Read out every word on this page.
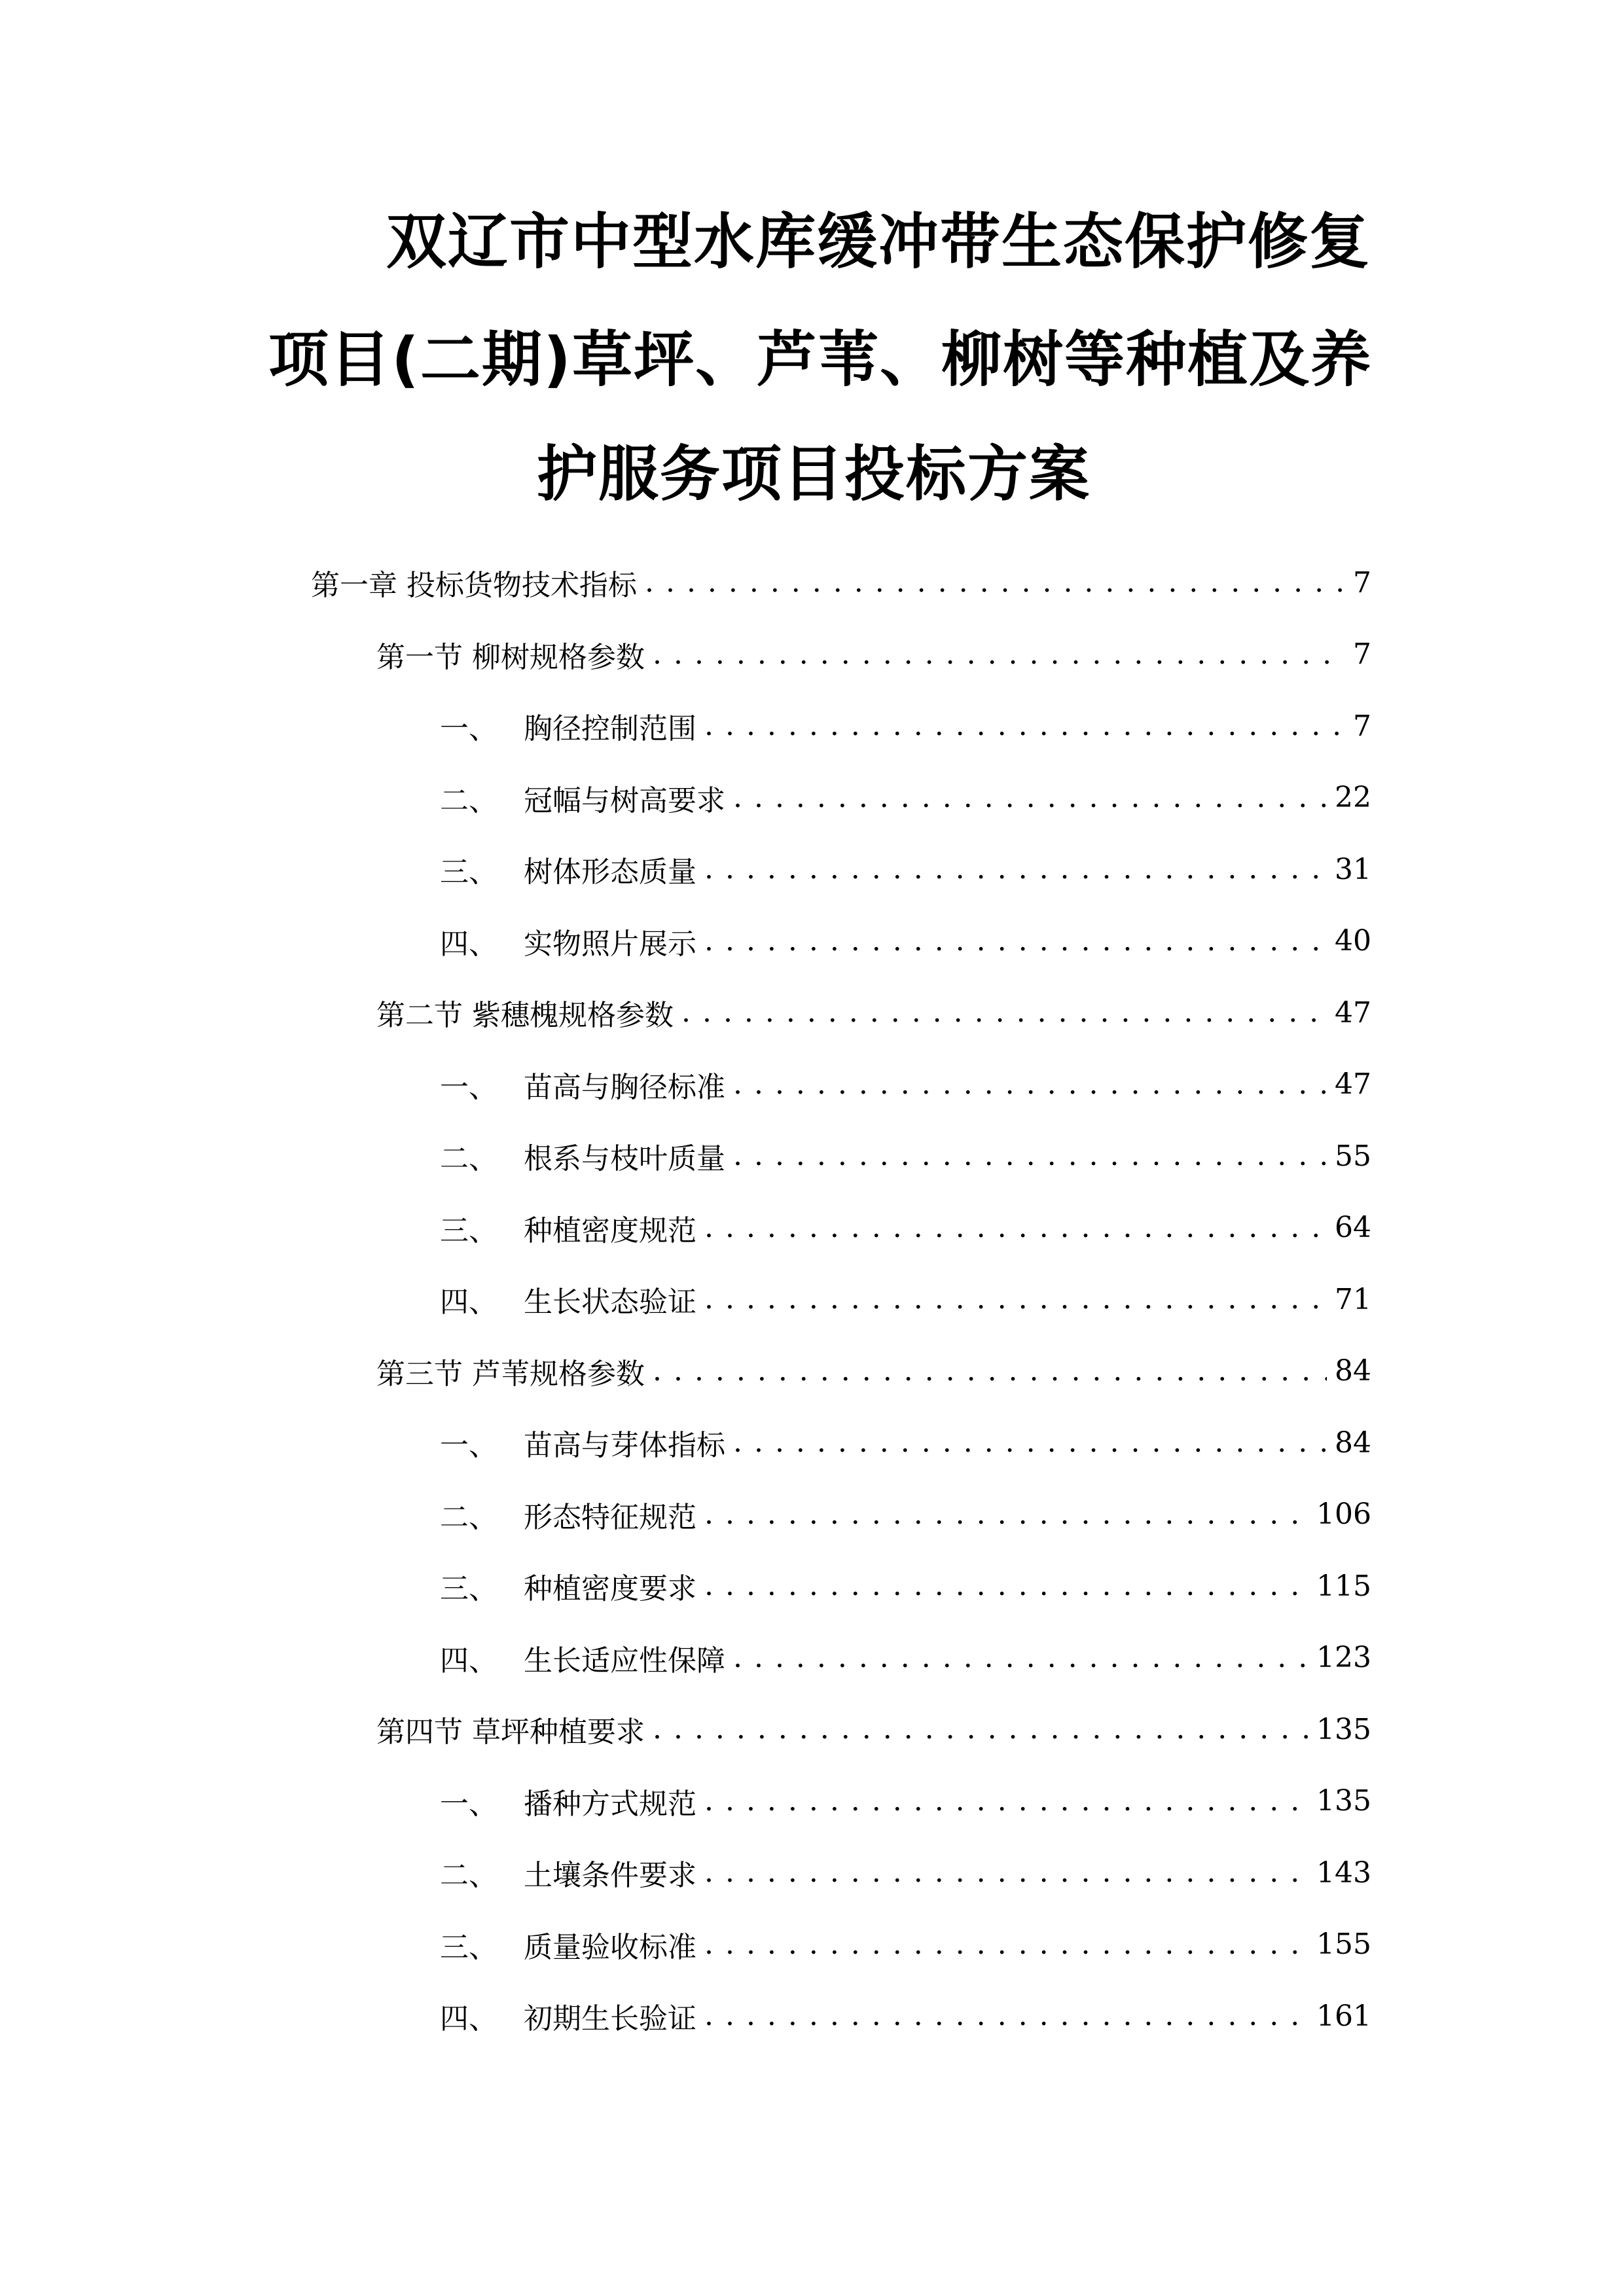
双辽市中型水库缓冲带生态保护修复
项目(二期)草坪、芦苇、柳树等种植及养
护服务项目投标方案
第一章 投标货物技术指标 . . .	7
第一节 柳树规格参数 . . .	7
一、 胸径控制范围 . . .	7
二、 冠幅与树高要求 . . .	22
三、 树体形态质量 . . .	31
四、 实物照片展示 . . .	40
第二节 紫穗槐规格参数 . . .	47
一、 苗高与胸径标准 . . .	47
二、 根系与枝叶质量 . . .	55
三、 种植密度规范 . . .	64
四、 生长状态验证 . . .	71
第三节 芦苇规格参数 . . .	84
一、 苗高与芽体指标 . . .	84
二、 形态特征规范 . . .	106
三、 种植密度要求 . . .	115
四、 生长适应性保障 . . .	123
第四节 草坪种植要求 . . .	135
一、 播种方式规范 . . .	135
二、 土壤条件要求 . . .	143
三、 质量验收标准 . . .	155
四、 初期生长验证 . . .	161
